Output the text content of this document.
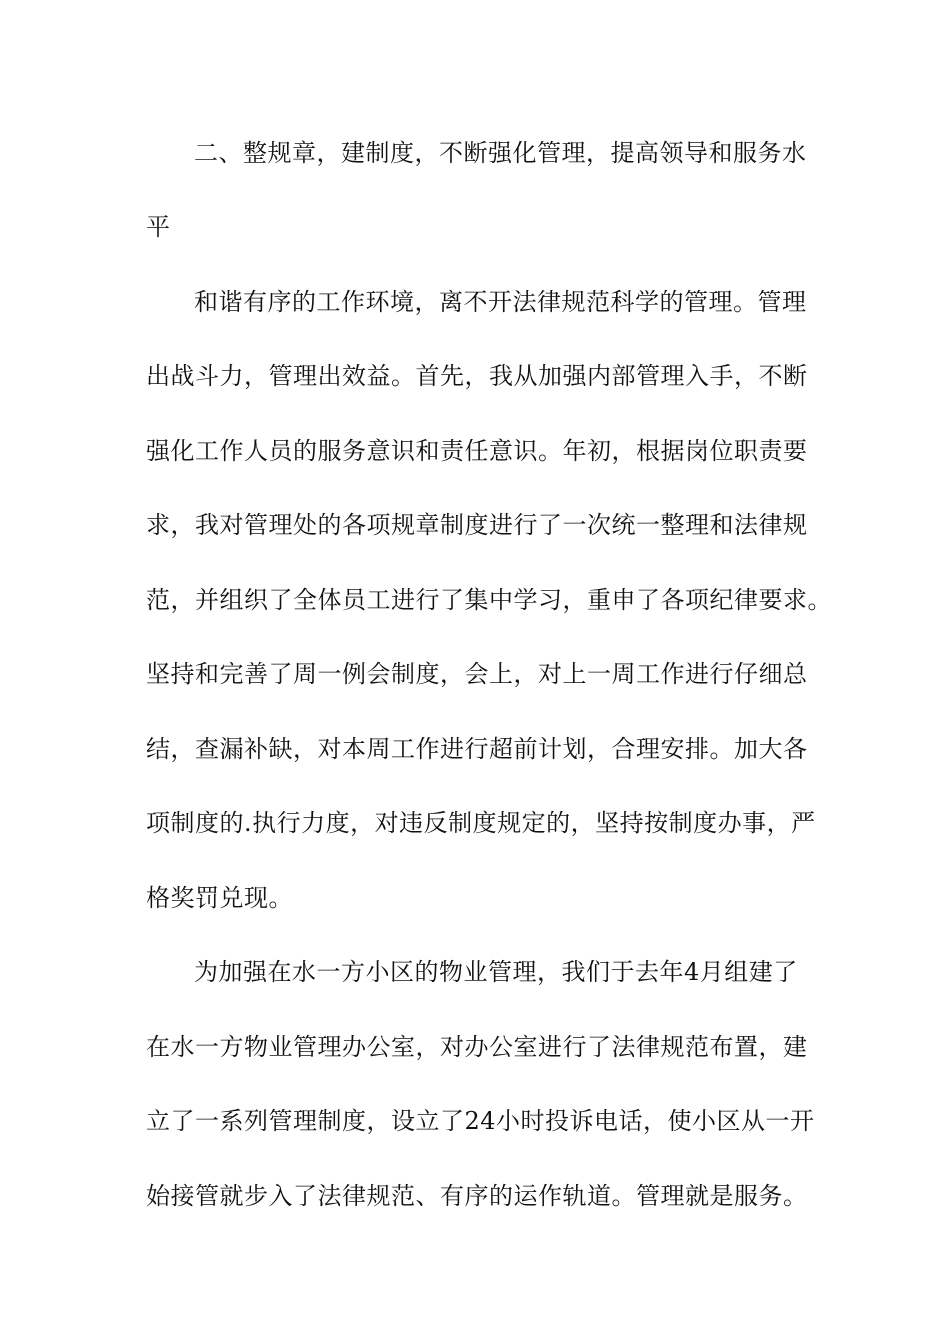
二、整规章，建制度，不断强化管理，提高领导和服务水
平
和谐有序的工作环境，离不开法律规范科学的管理。管理
出战斗力，管理出效益。首先，我从加强内部管理入手，不断
强化工作人员的服务意识和责任意识。年初，根据岗位职责要
求，我对管理处的各项规章制度进行了一次统一整理和法律规
范，并组织了全体员工进行了集中学习，重申了各项纪律要求。
坚持和完善了周一例会制度，会上，对上一周工作进行仔细总
结，查漏补缺，对本周工作进行超前计划，合理安排。加大各
项制度的.执行力度，对违反制度规定的，坚持按制度办事，严
格奖罚兑现。
为加强在水一方小区的物业管理，我们于去年4月组建了
在水一方物业管理办公室，对办公室进行了法律规范布置，建
立了一系列管理制度，设立了24小时投诉电话，使小区从一开
始接管就步入了法律规范、有序的运作轨道。管理就是服务。
